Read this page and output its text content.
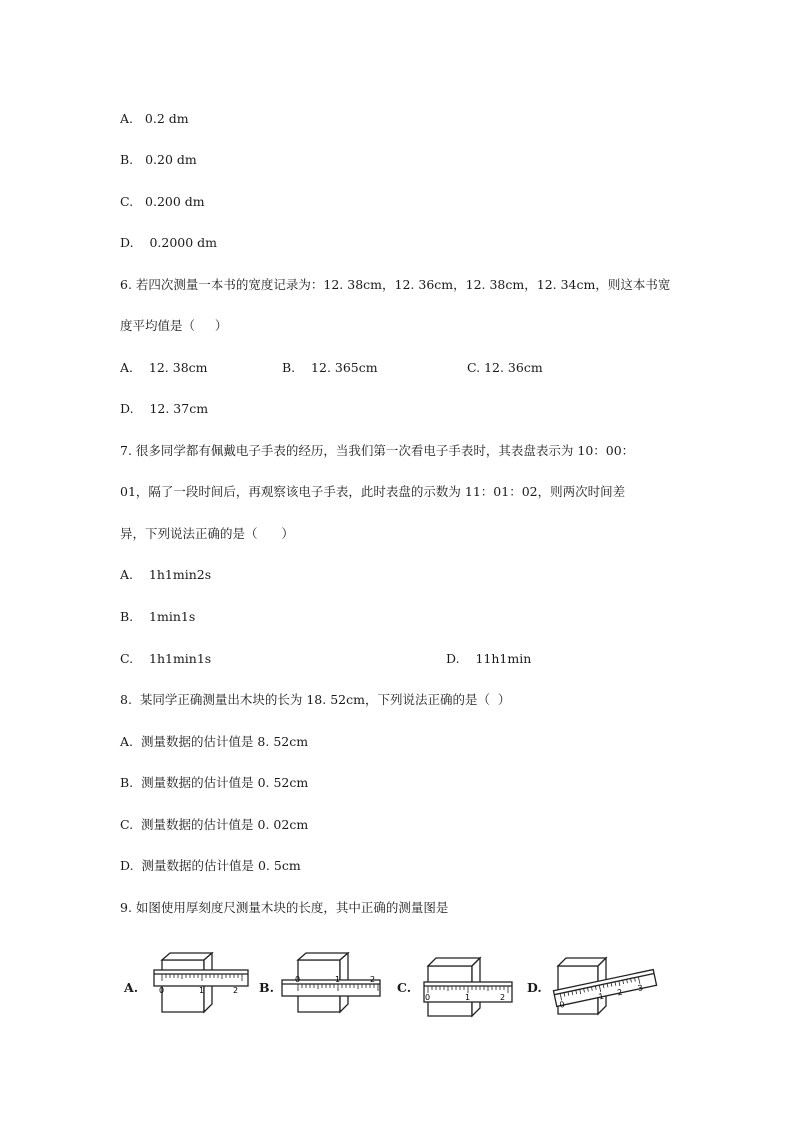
A.   0.2 dm
B.   0.20 dm
C.   0.200 dm
D.    0.2000 dm
6. 若四次测量一本书的宽度记录为：12. 38cm，12. 36cm，12. 38cm，12. 34cm，则这本书宽
度平均值是（     ）
A.    12. 38cm	B.    12. 365cm	C. 12. 36cm
D.    12. 37cm
7. 很多同学都有佩戴电子手表的经历，当我们第一次看电子手表时，其表盘表示为 10：00：
01，隔了一段时间后，再观察该电子手表，此时表盘的示数为 11：01：02，则两次时间差
异，下列说法正确的是（      ）
A.    1h1min2s
B.    1min1s
C.    1h1min1s	D.    11h1min
8.  某同学正确测量出木块的长为 18. 52cm，下列说法正确的是（  ）
A.  测量数据的估计值是 8. 52cm
B.  测量数据的估计值是 0. 52cm
C.  测量数据的估计值是 0. 02cm
D.  测量数据的估计值是 0. 5cm
9. 如图使用厚刻度尺测量木块的长度，其中正确的测量图是
A.	0	1	2 B.
0	1	2
C.
0	1	2
D.
0
1 2 3
